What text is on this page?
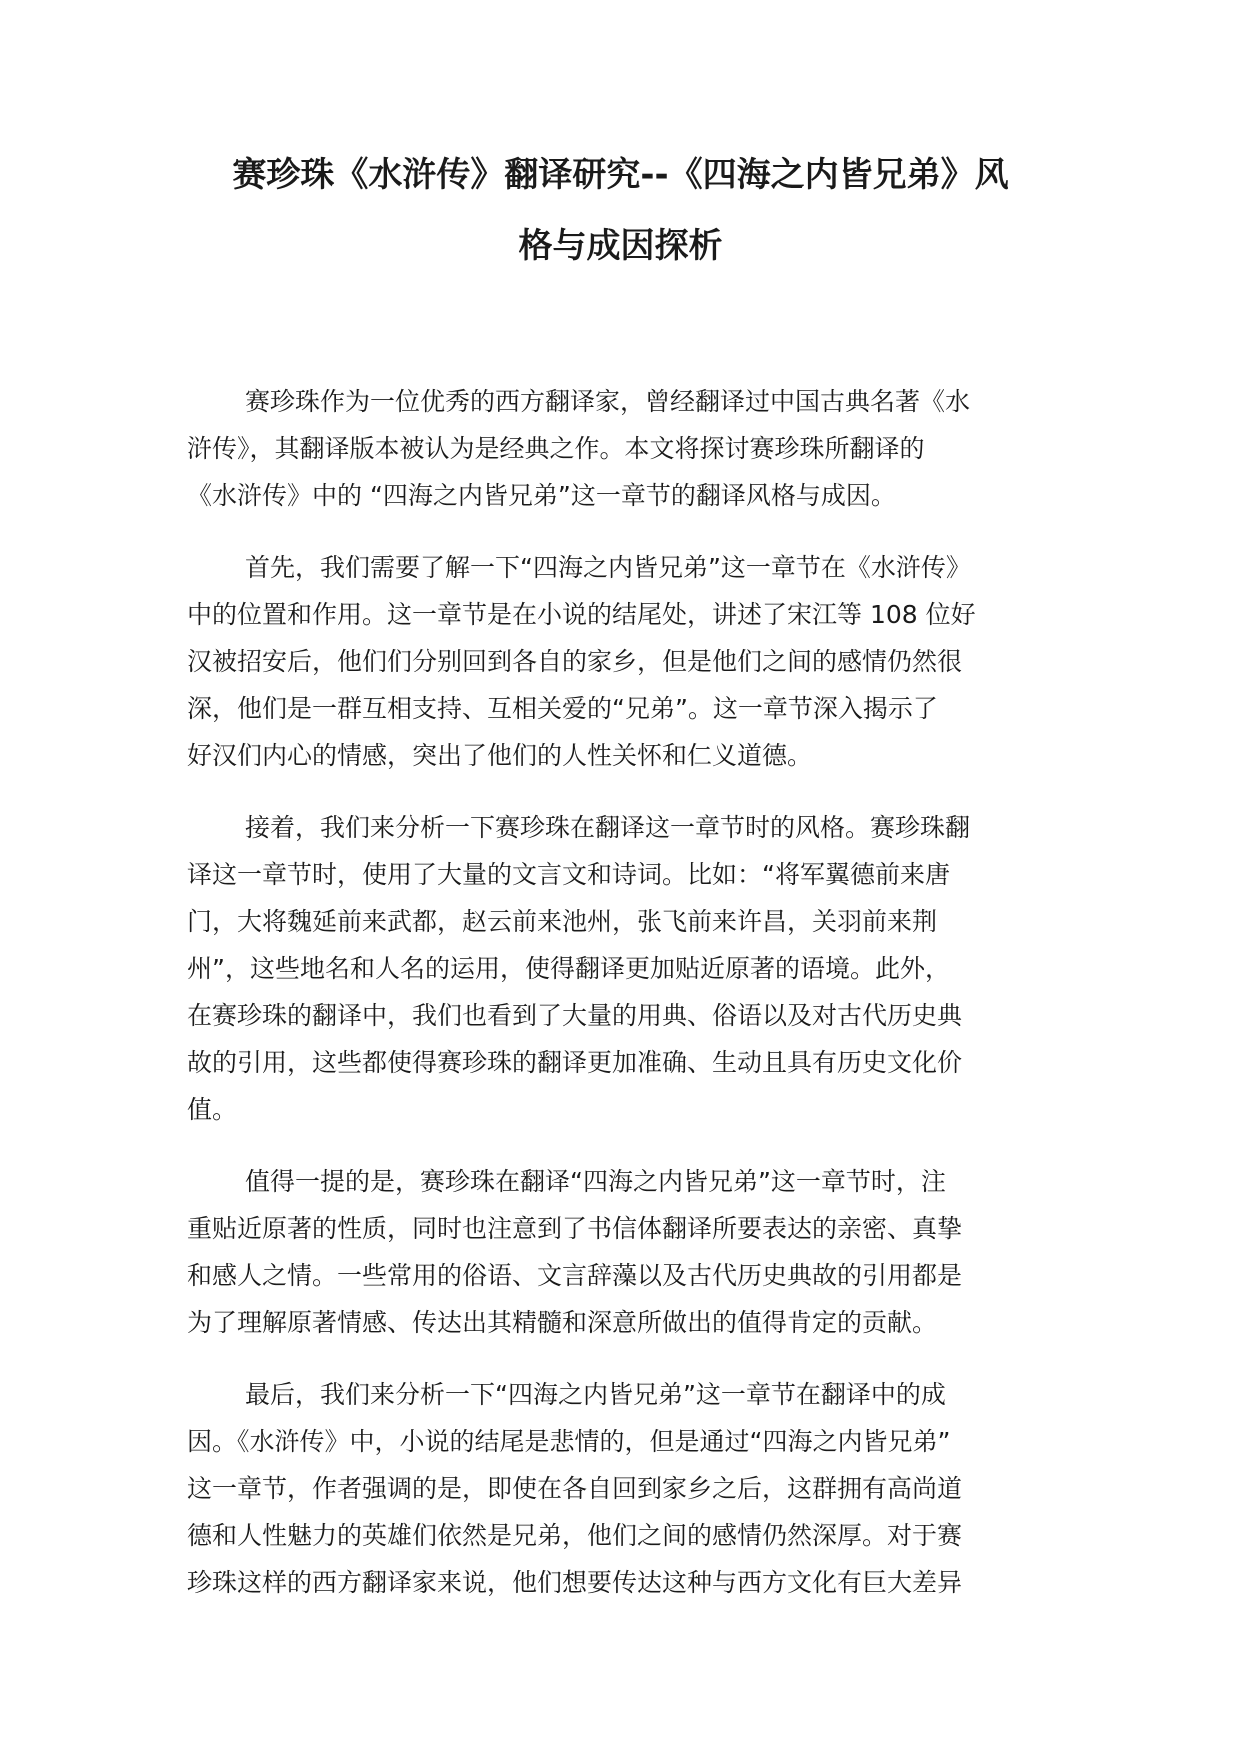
赛珍珠《水浒传》翻译研究--《四海之内皆兄弟》风
格与成因探析
赛珍珠作为一位优秀的西方翻译家，曾经翻译过中国古典名著《水
浒传》，其翻译版本被认为是经典之作。本文将探讨赛珍珠所翻译的
《水浒传》中的 “四海之内皆兄弟”这一章节的翻译风格与成因。
首先，我们需要了解一下“四海之内皆兄弟”这一章节在《水浒传》
中的位置和作用。这一章节是在小说的结尾处，讲述了宋江等 108 位好
汉被招安后，他们们分别回到各自的家乡，但是他们之间的感情仍然很
深，他们是一群互相支持、互相关爱的“兄弟”。这一章节深入揭示了
好汉们内心的情感，突出了他们的人性关怀和仁义道德。
接着，我们来分析一下赛珍珠在翻译这一章节时的风格。赛珍珠翻
译这一章节时，使用了大量的文言文和诗词。比如：“将军翼德前来唐
门，大将魏延前来武都，赵云前来池州，张飞前来许昌，关羽前来荆
州”，这些地名和人名的运用，使得翻译更加贴近原著的语境。此外，
在赛珍珠的翻译中，我们也看到了大量的用典、俗语以及对古代历史典
故的引用，这些都使得赛珍珠的翻译更加准确、生动且具有历史文化价
值。
值得一提的是，赛珍珠在翻译“四海之内皆兄弟”这一章节时，注
重贴近原著的性质，同时也注意到了书信体翻译所要表达的亲密、真挚
和感人之情。一些常用的俗语、文言辞藻以及古代历史典故的引用都是
为了理解原著情感、传达出其精髓和深意所做出的值得肯定的贡献。
最后，我们来分析一下“四海之内皆兄弟”这一章节在翻译中的成
因。《水浒传》中，小说的结尾是悲情的，但是通过“四海之内皆兄弟”
这一章节，作者强调的是，即使在各自回到家乡之后，这群拥有高尚道
德和人性魅力的英雄们依然是兄弟，他们之间的感情仍然深厚。对于赛
珍珠这样的西方翻译家来说，他们想要传达这种与西方文化有巨大差异
